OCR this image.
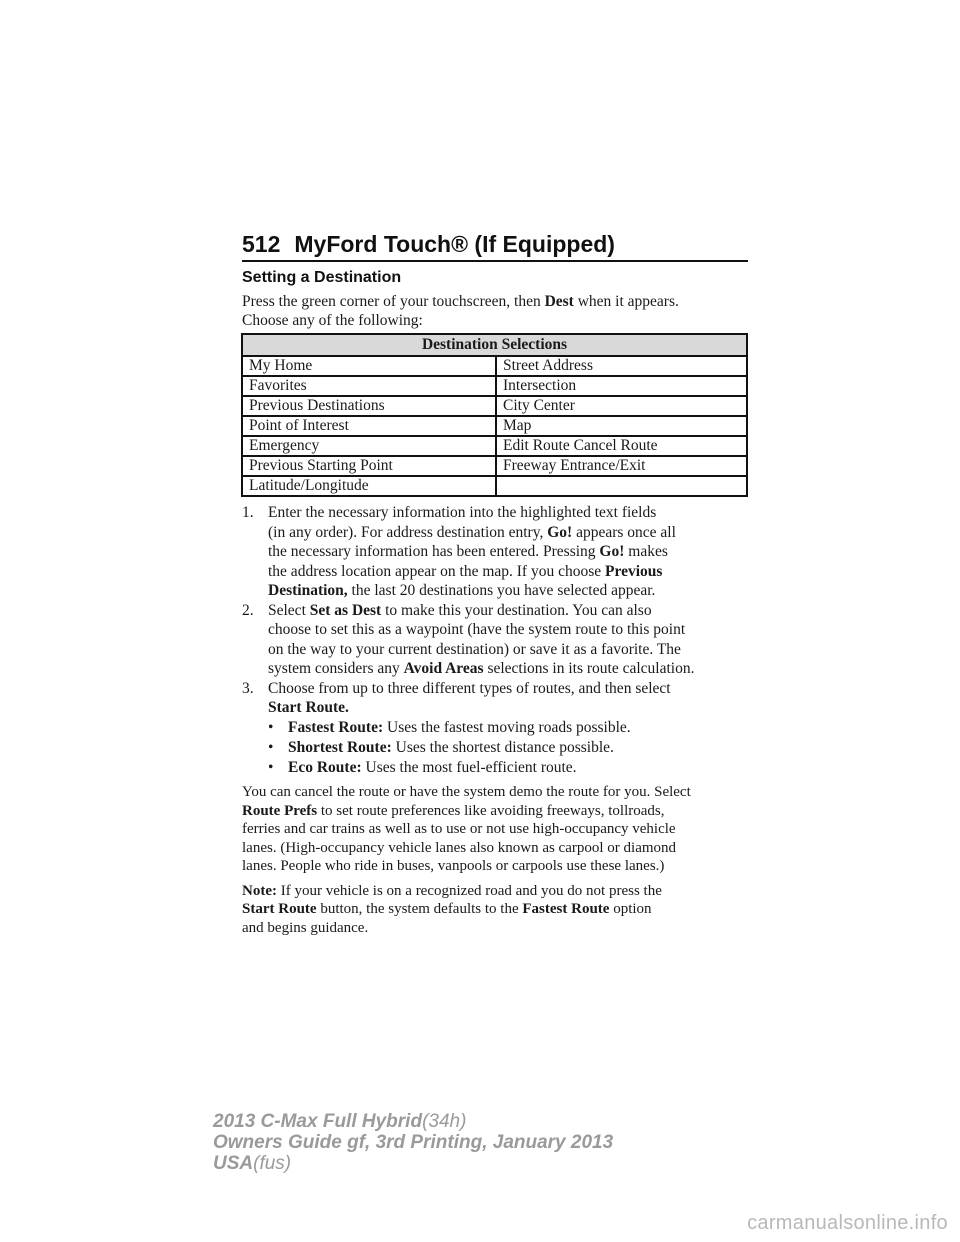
512 MyFord Touch® (If Equipped)
Setting a Destination

Press the green corner of your touchscreen, then Dest when it appears.

Choose any of the following:

Destination Selections	
My Home	Street Address
Favorites	Intersection
Previous Destinations	City Center
Point of Interest	Map
Emergency	Edit Route Cancel Route
Previous Starting Point	Freeway Entrance/Exit
Latitude/Longitude	
1. Enter the necessary information into the highlighted text fields
(in any order). For address destination entry, Go! appears once all
the necessary information has been entered. Pressing Go! makes
the address location appear on the map. If you choose Previous
Destination, the last 20 destinations you have selected appear.
2. Select Set as Dest to make this your destination. You can also
choose to set this as a waypoint (have the system route to this point
on the way to your current destination) or save it as a favorite. The
system considers any Avoid Areas selections in its route calculation.
3. Choose from up to three different types of routes, and then select
Start Route.
• Fastest Route: Uses the fastest moving roads possible.
• Shortest Route: Uses the shortest distance possible.
• Eco Route: Uses the most fuel-efficient route.
You can cancel the route or have the system demo the route for you. Select
Route Prefs to set route preferences like avoiding freeways, tollroads,
ferries and car trains as well as to use or not use high-occupancy vehicle
lanes. (High-occupancy vehicle lanes also known as carpool or diamond
lanes. People who ride in buses, vanpools or carpools use these lanes.)
Note: If your vehicle is on a recognized road and you do not press the
Start Route button, the system defaults to the Fastest Route option
and begins guidance.
2013 C-Max Full Hybrid(34h)
Owners Guide gf, 3rd Printing, January 2013
USA(fus)
carmanualsonline.info
